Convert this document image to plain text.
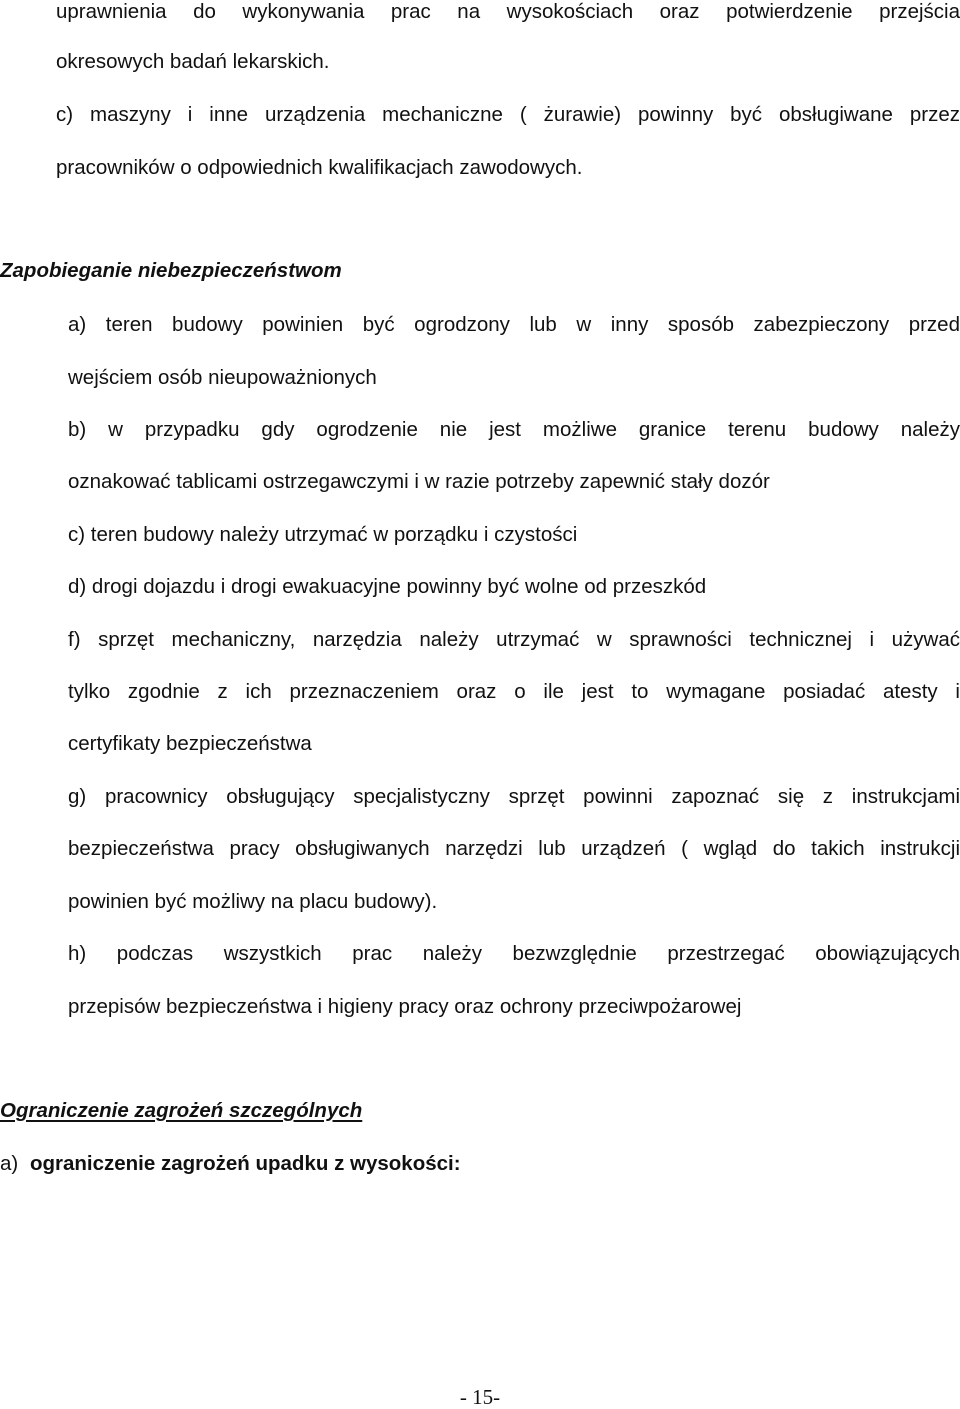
uprawnienia do wykonywania prac na wysokościach oraz potwierdzenie przejścia
okresowych badań lekarskich.
c) maszyny i inne urządzenia mechaniczne ( żurawie) powinny być obsługiwane przez
pracowników o odpowiednich kwalifikacjach zawodowych.
Zapobieganie niebezpieczeństwom
a) teren budowy powinien być ogrodzony lub w inny sposób zabezpieczony przed
wejściem osób nieupoważnionych
b) w przypadku gdy ogrodzenie nie jest możliwe granice terenu budowy należy
oznakować tablicami ostrzegawczymi i w razie potrzeby zapewnić stały dozór
c) teren budowy należy utrzymać w porządku i czystości
d) drogi dojazdu i drogi ewakuacyjne powinny być wolne od przeszkód
f) sprzęt mechaniczny, narzędzia należy utrzymać w sprawności technicznej i używać
tylko zgodnie z ich przeznaczeniem oraz o ile jest to wymagane posiadać atesty i
certyfikaty bezpieczeństwa
g) pracownicy obsługujący specjalistyczny sprzęt powinni zapoznać się z instrukcjami
bezpieczeństwa pracy obsługiwanych narzędzi lub urządzeń ( wgląd do takich instrukcji
powinien być możliwy na placu budowy).
h) podczas wszystkich prac należy bezwzględnie przestrzegać obowiązujących
przepisów bezpieczeństwa i higieny pracy oraz ochrony przeciwpożarowej
Ograniczenie zagrożeń szczególnych
a) ograniczenie zagrożeń upadku z wysokości:
- 15-
